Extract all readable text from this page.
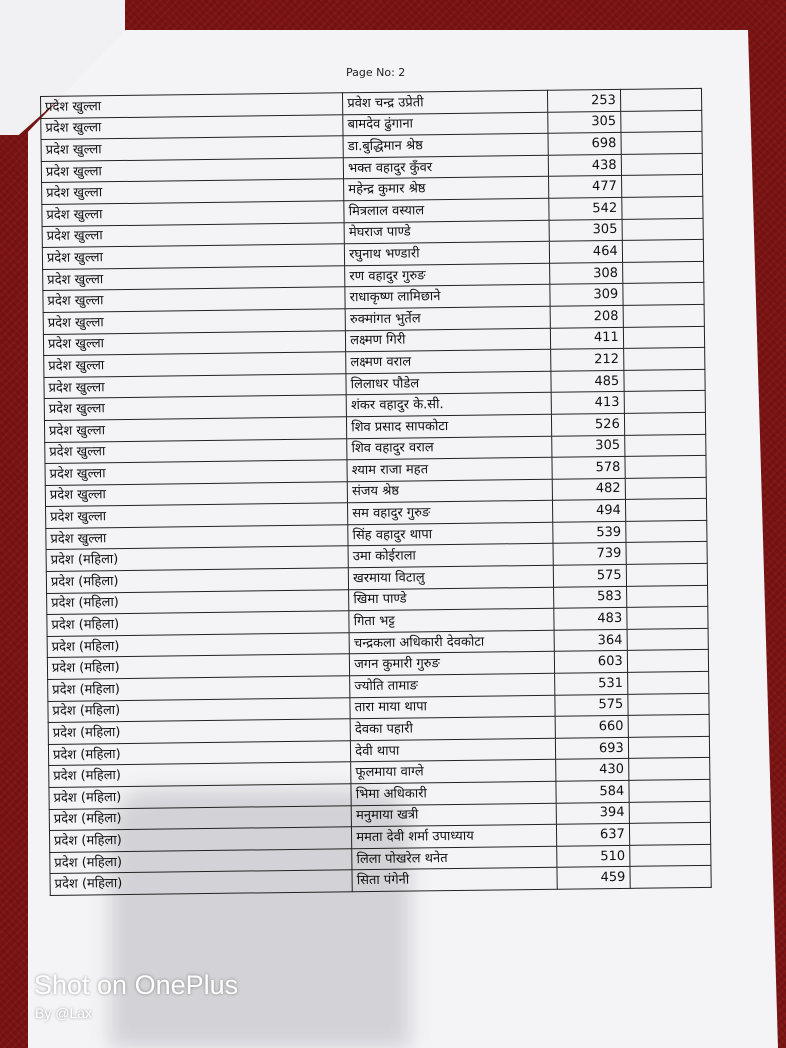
Page No: 2
प्रदेश खुल्ला	प्रवेश चन्द्र उप्रेती	253	
प्रदेश खुल्ला	बामदेव ढुंगाना	305	
प्रदेश खुल्ला	डा.बुद्धिमान श्रेष्ठ	698	
प्रदेश खुल्ला	भक्त वहादुर कुँवर	438	
प्रदेश खुल्ला	महेन्द्र कुमार श्रेष्ठ	477	
प्रदेश खुल्ला	मित्रलाल वस्याल	542	
प्रदेश खुल्ला	मेघराज पाण्डे	305	
प्रदेश खुल्ला	रघुनाथ भण्डारी	464	
प्रदेश खुल्ला	रण वहादुर गुरुङ	308	
प्रदेश खुल्ला	राधाकृष्ण लामिछाने	309	
प्रदेश खुल्ला	रुक्मांगत भुर्तेल	208	
प्रदेश खुल्ला	लक्ष्मण गिरी	411	
प्रदेश खुल्ला	लक्ष्मण वराल	212	
प्रदेश खुल्ला	लिलाधर पौडेल	485	
प्रदेश खुल्ला	शंकर वहादुर के.सी.	413	
प्रदेश खुल्ला	शिव प्रसाद सापकोटा	526	
प्रदेश खुल्ला	शिव वहादुर वराल	305	
प्रदेश खुल्ला	श्याम राजा महत	578	
प्रदेश खुल्ला	संजय श्रेष्ठ	482	
प्रदेश खुल्ला	सम वहादुर गुरुङ	494	
प्रदेश खुल्ला	सिंह वहादुर थापा	539	
प्रदेश (महिला)	उमा कोईराला	739	
प्रदेश (महिला)	खरमाया विटालु	575	
प्रदेश (महिला)	खिमा पाण्डे	583	
प्रदेश (महिला)	गिता भट्ट	483	
प्रदेश (महिला)	चन्द्रकला अधिकारी देवकोटा	364	
प्रदेश (महिला)	जगन कुमारी गुरुङ	603	
प्रदेश (महिला)	ज्योति तामाङ	531	
प्रदेश (महिला)	तारा माया थापा	575	
प्रदेश (महिला)	देवका पहारी	660	
प्रदेश (महिला)	देवी थापा	693	
प्रदेश (महिला)	फूलमाया वाग्ले	430	
प्रदेश (महिला)	भिमा अधिकारी	584	
प्रदेश (महिला)	मनुमाया खत्री	394	
प्रदेश (महिला)	ममता देवी शर्मा उपाध्याय	637	
प्रदेश (महिला)	लिला पोखरेल थनेत	510	
प्रदेश (महिला)	सिता पंगेनी	459	
Shot on OnePlus
By @Lax
